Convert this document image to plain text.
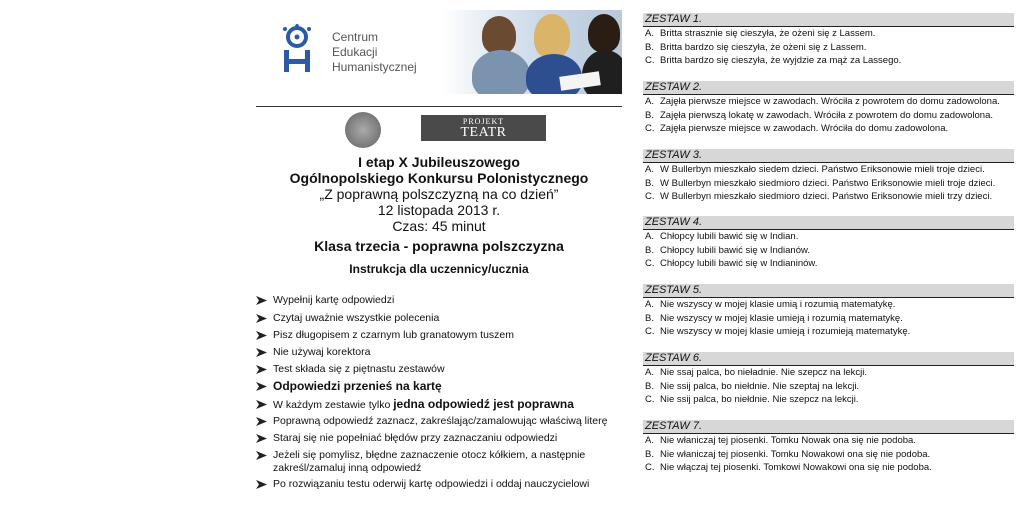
Centrum
Edukacji
Humanistycznej
PROJEKT
TEATR WARSZAWA
I etap X Jubileuszowego
Ogólnopolskiego Konkursu Polonistycznego
„Z poprawną polszczyzną na co dzień”
12 listopada 2013 r.
Czas: 45 minut
Klasa trzecia - poprawna polszczyzna
Instrukcja dla uczennicy/ucznia
Wypełnij kartę odpowiedzi
Czytaj uważnie wszystkie polecenia
Pisz długopisem z czarnym lub granatowym tuszem
Nie używaj korektora
Test składa się z piętnastu zestawów
Odpowiedzi przenieś na kartę
W każdym zestawie tylko jedna odpowiedź jest poprawna
Poprawną odpowiedź zaznacz, zakreślając/zamalowując właściwą literę
Staraj się nie popełniać błędów przy zaznaczaniu odpowiedzi
Jeżeli się pomylisz, błędne zaznaczenie otocz kółkiem, a następnie zakreśl/zamaluj inną odpowiedź
Po rozwiązaniu testu oderwij kartę odpowiedzi i oddaj nauczycielowi
ZESTAW 1.
A. Britta strasznie się cieszyła, że ożeni się z Lassem.
B. Britta bardzo się cieszyła, że ożeni się z Lassem.
C. Britta bardzo się cieszyła, że wyjdzie za mąż za Lassego.
ZESTAW 2.
A. Zajęła pierwsze miejsce w zawodach. Wróciła z powrotem do domu zadowolona.
B. Zajęła pierwszą lokatę w zawodach. Wróciła z powrotem do domu zadowolona.
C. Zajęła pierwsze miejsce w zawodach. Wróciła do domu zadowolona.
ZESTAW 3.
A. W Bullerbyn mieszkało siedem dzieci. Państwo Eriksonowie mieli troje dzieci.
B. W Bullerbyn mieszkało siedmioro dzieci. Państwo Eriksonowie mieli troje dzieci.
C. W Bullerbyn mieszkało siedmioro dzieci. Państwo Eriksonowie mieli trzy dzieci.
ZESTAW 4.
A. Chłopcy lubili bawić się w Indian.
B. Chłopcy lubili bawić się w Indianów.
C. Chłopcy lubili bawić się w Indianinów.
ZESTAW 5.
A. Nie wszyscy w mojej klasie umią i rozumią matematykę.
B. Nie wszyscy w mojej klasie umieją i rozumią matematykę.
C. Nie wszyscy w mojej klasie umieją i rozumieją matematykę.
ZESTAW 6.
A. Nie ssaj palca, bo nieładnie. Nie szepcz na lekcji.
B. Nie ssij palca, bo niełdnie. Nie szeptaj na lekcji.
C. Nie ssij palca, bo niełdnie. Nie szepcz na lekcji.
ZESTAW 7.
A. Nie właniczaj tej piosenki. Tomku Nowak ona się nie podoba.
B. Nie właniczaj tej piosenki. Tomku Nowakowi ona się nie podoba.
C. Nie włączaj tej piosenki. Tomkowi Nowakowi ona się nie podoba.
